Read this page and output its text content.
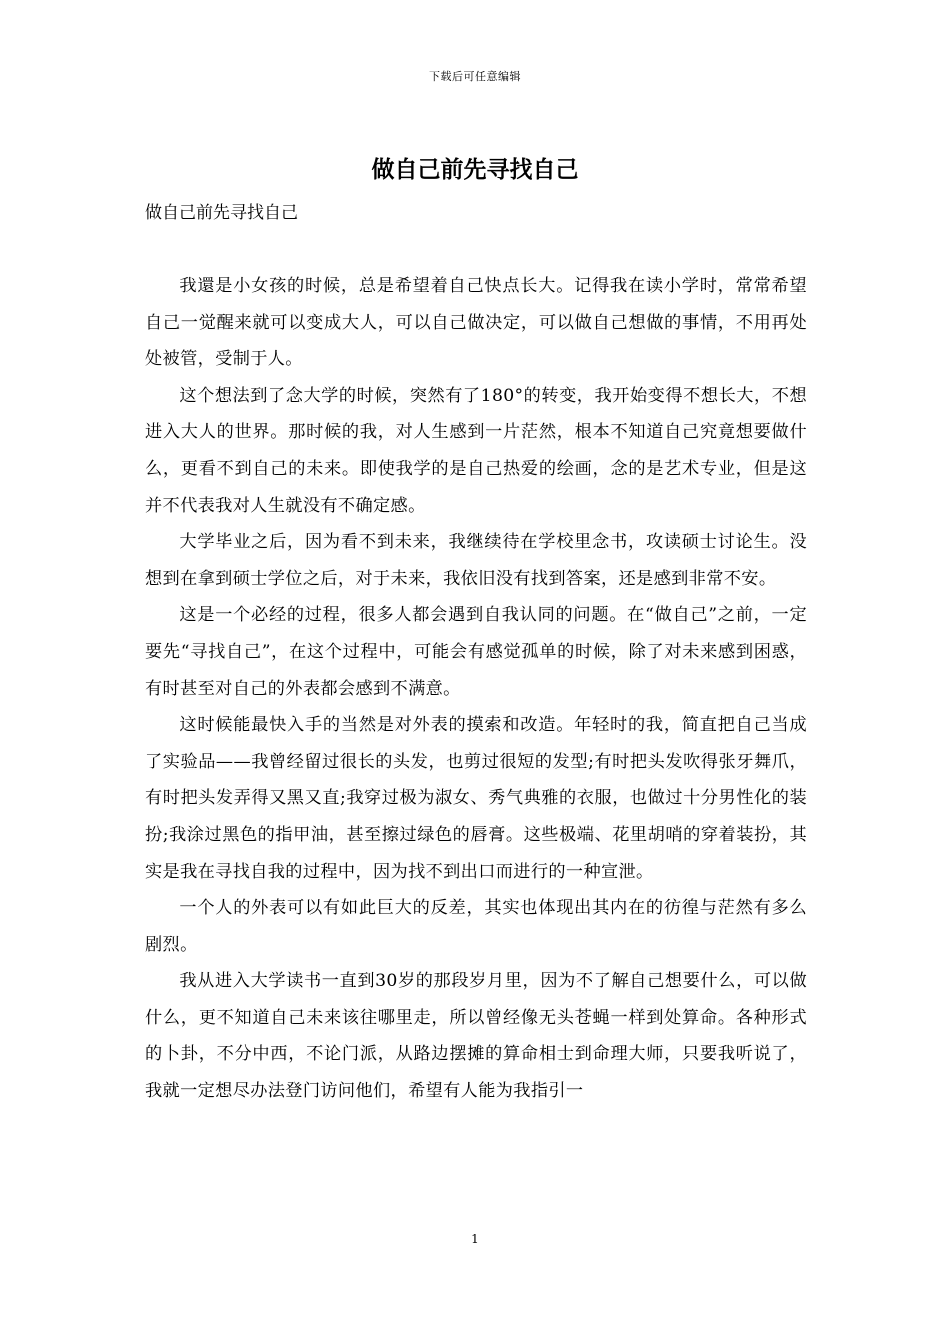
下载后可任意编辑
做自己前先寻找自己

做自己前先寻找自己

我還是小女孩的时候，总是希望着自己快点长大。记得我在读小学时，常常希望自己一觉醒来就可以变成大人，可以自己做决定，可以做自己想做的事情，不用再处处被管，受制于人。

这个想法到了念大学的时候，突然有了180°的转变，我开始变得不想长大，不想进入大人的世界。那时候的我，对人生感到一片茫然，根本不知道自己究竟想要做什么，更看不到自己的未来。即使我学的是自己热爱的绘画，念的是艺术专业，但是这并不代表我对人生就没有不确定感。

大学毕业之后，因为看不到未来，我继续待在学校里念书，攻读硕士讨论生。没想到在拿到硕士学位之后，对于未来，我依旧没有找到答案，还是感到非常不安。

这是一个必经的过程，很多人都会遇到自我认同的问题。在“做自己”之前，一定要先“寻找自己”，在这个过程中，可能会有感觉孤单的时候，除了对未来感到困惑，有时甚至对自己的外表都会感到不满意。

这时候能最快入手的当然是对外表的摸索和改造。年轻时的我，简直把自己当成了实验品——我曾经留过很长的头发，也剪过很短的发型;有时把头发吹得张牙舞爪，有时把头发弄得又黑又直;我穿过极为淑女、秀气典雅的衣服，也做过十分男性化的装扮;我涂过黑色的指甲油，甚至擦过绿色的唇膏。这些极端、花里胡哨的穿着装扮，其实是我在寻找自我的过程中，因为找不到出口而进行的一种宣泄。

一个人的外表可以有如此巨大的反差，其实也体现出其内在的彷徨与茫然有多么剧烈。

我从进入大学读书一直到30岁的那段岁月里，因为不了解自己想要什么，可以做什么，更不知道自己未来该往哪里走，所以曾经像无头苍蝇一样到处算命。各种形式的卜卦，不分中西，不论门派，从路边摆摊的算命相士到命理大师，只要我听说了，我就一定想尽办法登门访问他们，希望有人能为我指引一

1
